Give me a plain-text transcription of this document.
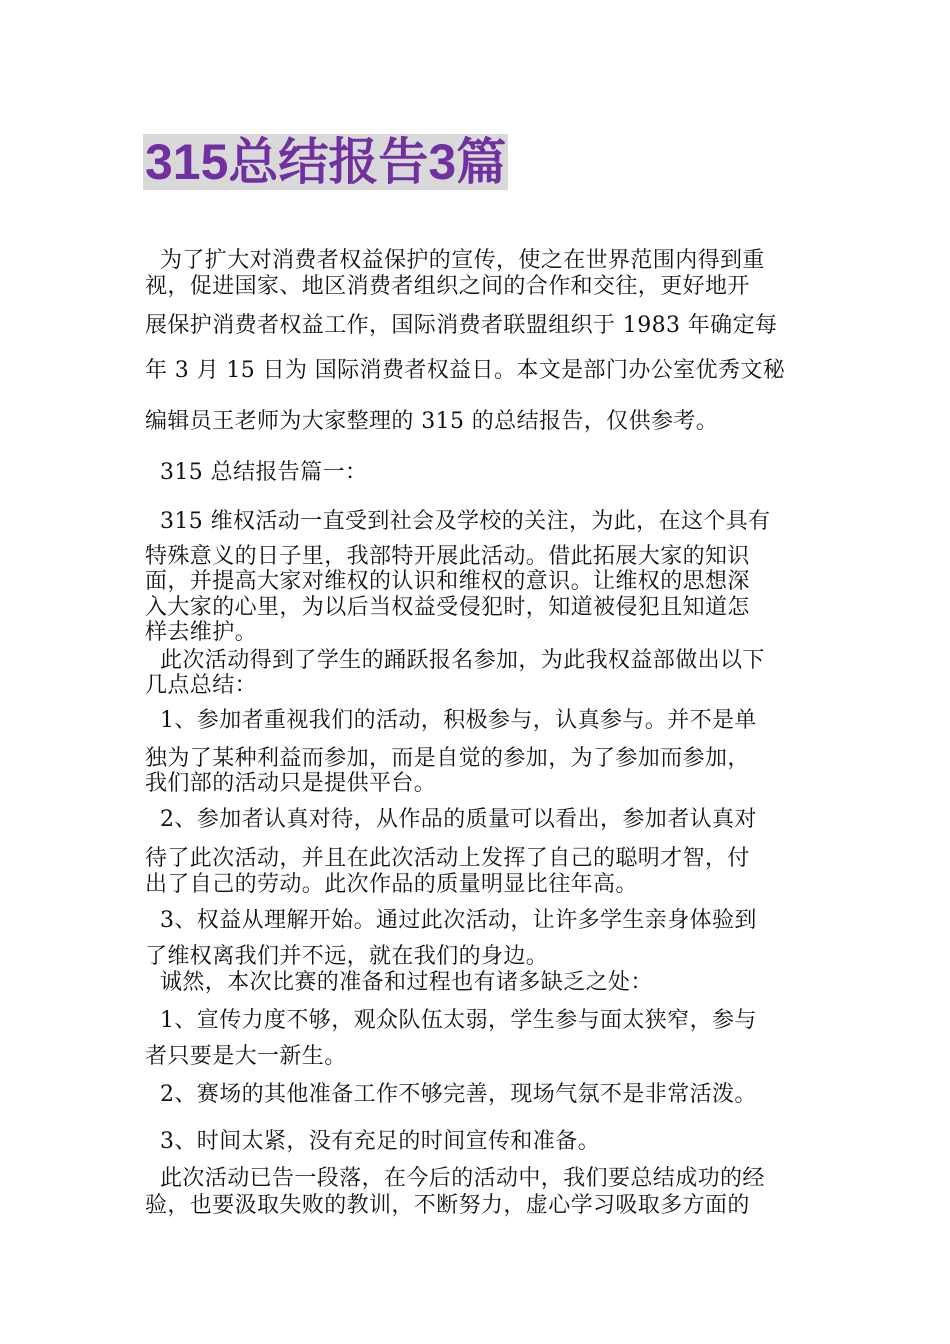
315总结报告3篇
为了扩大对消费者权益保护的宣传，使之在世界范围内得到重
视，促进国家、地区消费者组织之间的合作和交往，更好地开
展保护消费者权益工作，国际消费者联盟组织于 1983 年确定每
年 3 月 15 日为 国际消费者权益日。本文是部门办公室优秀文秘
编辑员王老师为大家整理的 315 的总结报告，仅供参考。
315 总结报告篇一：
315 维权活动一直受到社会及学校的关注，为此，在这个具有
特殊意义的日子里，我部特开展此活动。借此拓展大家的知识
面，并提高大家对维权的认识和维权的意识。让维权的思想深
入大家的心里，为以后当权益受侵犯时，知道被侵犯且知道怎
样去维护。
此次活动得到了学生的踊跃报名参加，为此我权益部做出以下
几点总结：
1、参加者重视我们的活动，积极参与，认真参与。并不是单
独为了某种利益而参加，而是自觉的参加，为了参加而参加，
我们部的活动只是提供平台。
2、参加者认真对待，从作品的质量可以看出，参加者认真对
待了此次活动，并且在此次活动上发挥了自己的聪明才智，付
出了自己的劳动。此次作品的质量明显比往年高。
3、权益从理解开始。通过此次活动，让许多学生亲身体验到
了维权离我们并不远，就在我们的身边。
诚然，本次比赛的准备和过程也有诸多缺乏之处：
1、宣传力度不够，观众队伍太弱，学生参与面太狭窄，参与
者只要是大一新生。
2、赛场的其他准备工作不够完善，现场气氛不是非常活泼。
3、时间太紧，没有充足的时间宣传和准备。
此次活动已告一段落，在今后的活动中，我们要总结成功的经
验，也要汲取失败的教训，不断努力，虚心学习吸取多方面的
